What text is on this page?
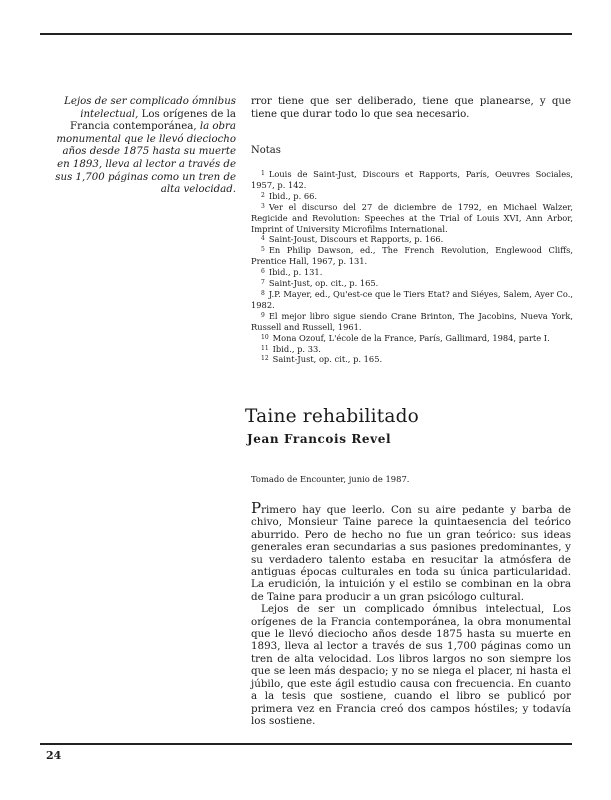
Lejos de ser complicado ómnibus intelectual, Los orígenes de la Francia contemporánea, la obra monumental que le llevó dieciocho años desde 1875 hasta su muerte en 1893, lleva al lector a través de sus 1,700 páginas como un tren de alta velocidad.

rror tiene que ser deliberado, tiene que planearse, y que tiene que durar todo lo que sea necesario.

Notas
$^1$ Louis de Saint-Just, Discours et Rapports, París, Oeuvres Sociales, 1957, p. 142.
$^2$ Ibid., p. 66.
$^3$ Ver el discurso del 27 de diciembre de 1792, en Michael Walzer, Regicide and Revolution: Speeches at the Trial of Louis XVI, Ann Arbor, Imprint of University Microfilms International.
$^4$ Saint-Joust, Discours et Rapports, p. 166.
$^5$ En Philip Dawson, ed., The French Revolution, Englewood Cliffs, Prentice Hall, 1967, p. 131.
$^6$ Ibid., p. 131.
$^7$ Saint-Just, op. cit., p. 165.
$^8$ J.P. Mayer, ed., Qu'est-ce que le Tiers Etat? and Siéyes, Salem, Ayer Co., 1982.
$^9$ El mejor libro sigue siendo Crane Brinton, The Jacobins, Nueva York, Russell and Russell, 1961.
$^{10}$ Mona Ozouf, L'école de la France, París, Gallimard, 1984, parte I.
$^{11}$ Ibid., p. 33.
$^{12}$ Saint-Just, op. cit., p. 165.
Taine rehabilitado
Jean Francois Revel

Tomado de Encounter, junio de 1987.

Primero hay que leerlo. Con su aire pedante y barba de chivo, Monsieur Taine parece la quintaesencia del teórico aburrido. Pero de hecho no fue un gran teórico: sus ideas generales eran secundarias a sus pasiones predominantes, y su verdadero talento estaba en resucitar la atmósfera de antiguas épocas culturales en toda su única particularidad. La erudición, la intuición y el estilo se combinan en la obra de Taine para producir a un gran psicólogo cultural.

Lejos de ser un complicado ómnibus intelectual, Los orígenes de la Francia contemporánea, la obra monumental que le llevó dieciocho años desde 1875 hasta su muerte en 1893, lleva al lector a través de sus 1,700 páginas como un tren de alta velocidad. Los libros largos no son siempre los que se leen más despacio; y no se niega el placer, ni hasta el júbilo, que este ágil estudio causa con frecuencia. En cuanto a la tesis que sostiene, cuando el libro se publicó por primera vez en Francia creó dos campos hóstiles; y todavía los sostiene.

24
